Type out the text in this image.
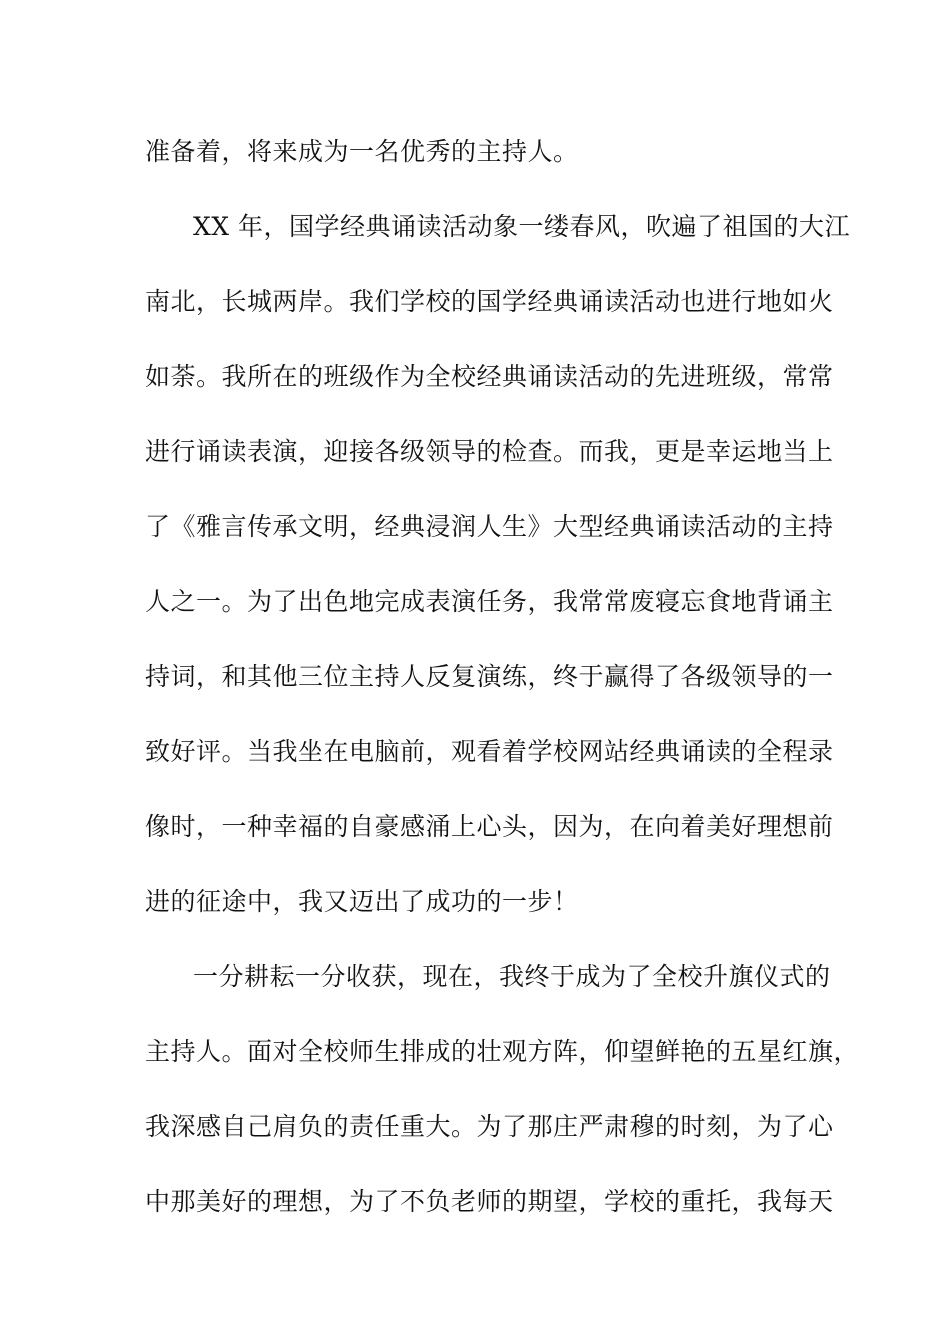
准备着，将来成为一名优秀的主持人。
XX 年，国学经典诵读活动象一缕春风，吹遍了祖国的大江
南北，长城两岸。我们学校的国学经典诵读活动也进行地如火
如荼。我所在的班级作为全校经典诵读活动的先进班级，常常
进行诵读表演，迎接各级领导的检查。而我，更是幸运地当上
了《雅言传承文明，经典浸润人生》大型经典诵读活动的主持
人之一。为了出色地完成表演任务，我常常废寝忘食地背诵主
持词，和其他三位主持人反复演练，终于赢得了各级领导的一
致好评。当我坐在电脑前，观看着学校网站经典诵读的全程录
像时，一种幸福的自豪感涌上心头，因为，在向着美好理想前
进的征途中，我又迈出了成功的一步！
一分耕耘一分收获，现在，我终于成为了全校升旗仪式的
主持人。面对全校师生排成的壮观方阵，仰望鲜艳的五星红旗，
我深感自己肩负的责任重大。为了那庄严肃穆的时刻，为了心
中那美好的理想，为了不负老师的期望，学校的重托，我每天
